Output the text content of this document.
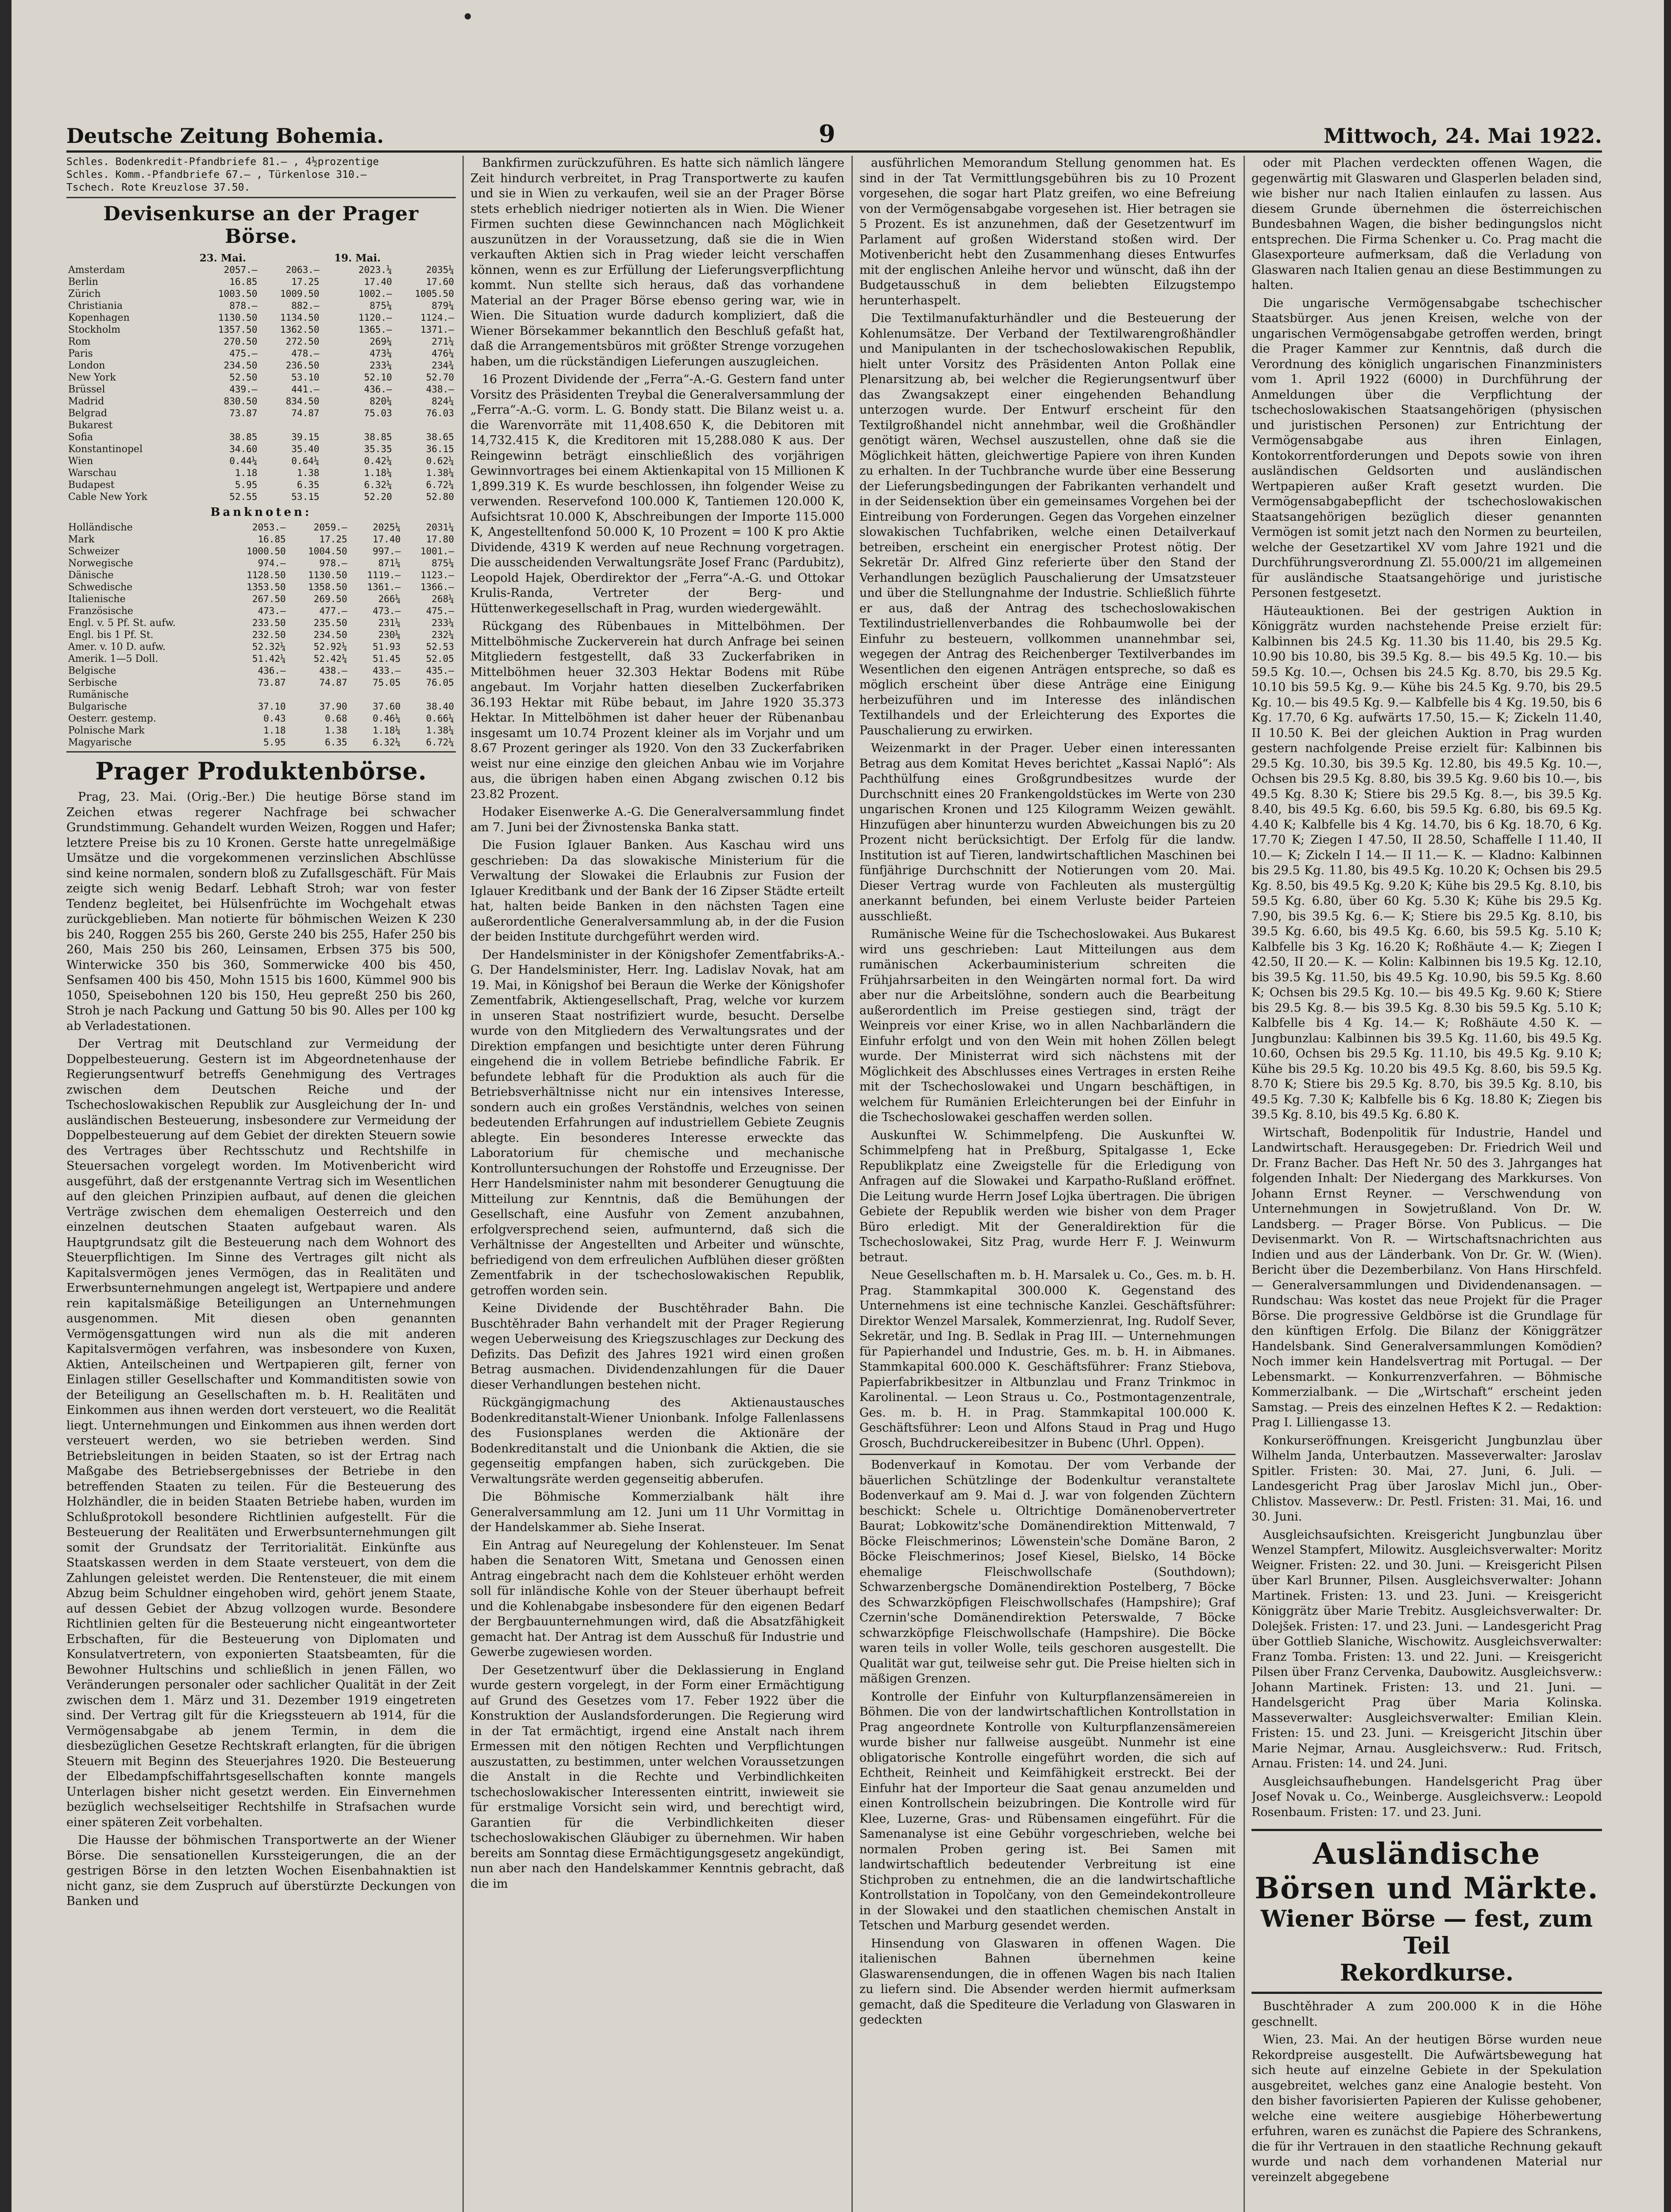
Deutsche Zeitung Bohemia.	9	Mittwoch, 24. Mai 1922.
Schles. Bodenkredit-Pfandbriefe 81.— , 4½prozentige
Schles. Komm.-Pfandbriefe 67.— , Türkenlose 310.—
Tschech. Rote Kreuzlose 37.50.
Devisenkurse an der Prager Börse.
	23. Mai.		19. Mai.	
Amsterdam	2057.—	2063.—	2023.¼	2035¼
Berlin	16.85	17.25	17.40	17.60
Zürich	1003.50	1009.50	1002.—	1005.50
Christiania	878.—	882.—	875¼	879¼
Kopenhagen	1130.50	1134.50	1120.—	1124.—
Stockholm	1357.50	1362.50	1365.—	1371.—
Rom	270.50	272.50	269¼	271¼
Paris	475.—	478.—	473¼	476¼
London	234.50	236.50	233¼	234¾
New York	52.50	53.10	52.10	52.70
Brüssel	439.—	441.—	436.—	438.—
Madrid	830.50	834.50	820¼	824¼
Belgrad	73.87	74.87	75.03	76.03
Bukarest				
Sofia	38.85	39.15	38.85	38.65
Konstantinopel	34.60	35.40	35.35	36.15
Wien	0.44¼	0.64¼	0.42¼	0.62¼
Warschau	1.18	1.38	1.18¼	1.38¼
Budapest	5.95	6.35	6.32¼	6.72¼
Cable New York	52.55	53.15	52.20	52.80
Banknoten:
Holländische	2053.—	2059.—	2025¼	2031¼
Mark	16.85	17.25	17.40	17.80
Schweizer	1000.50	1004.50	997.—	1001.—
Norwegische	974.—	978.—	871¼	875¼
Dänische	1128.50	1130.50	1119.—	1123.—
Schwedische	1353.50	1358.50	1361.—	1366.—
Italienische	267.50	269.50	266¼	268¼
Französische	473.—	477.—	473.—	475.—
Engl. v. 5 Pf. St. aufw.	233.50	235.50	231¼	233¼
Engl. bis 1 Pf. St.	232.50	234.50	230¼	232¼
Amer. v. 10 D. aufw.	52.32¼	52.92¼	51.93	52.53
Amerik. 1—5 Doll.	51.42¼	52.42¼	51.45	52.05
Belgische	436.—	438.—	433.—	435.—
Serbische	73.87	74.87	75.05	76.05
Rumänische				
Bulgarische	37.10	37.90	37.60	38.40
Oesterr. gestemp.	0.43	0.68	0.46¼	0.66¼
Polnische Mark	1.18	1.38	1.18¼	1.38¼
Magyarische	5.95	6.35	6.32¼	6.72¼
Prager Produktenbörse.

Prag, 23. Mai. (Orig.-Ber.) Die heutige Börse stand im Zeichen etwas regerer Nachfrage bei schwacher Grundstimmung. Gehandelt wurden Weizen, Roggen und Hafer; letztere Preise bis zu 10 Kronen. Gerste hatte unregelmäßige Umsätze und die vorgekommenen verzinslichen Abschlüsse sind keine normalen, sondern bloß zu Zufallsgeschäft. Für Mais zeigte sich wenig Bedarf. Lebhaft Stroh; war von fester Tendenz begleitet, bei Hülsenfrüchte im Wochgehalt etwas zurückgeblieben. Man notierte für böhmischen Weizen K 230 bis 240, Roggen 255 bis 260, Gerste 240 bis 255, Hafer 250 bis 260, Mais 250 bis 260, Leinsamen, Erbsen 375 bis 500, Winterwicke 350 bis 360, Sommerwicke 400 bis 450, Senfsamen 400 bis 450, Mohn 1515 bis 1600, Kümmel 900 bis 1050, Speisebohnen 120 bis 150, Heu gepreßt 250 bis 260, Stroh je nach Packung und Gattung 50 bis 90. Alles per 100 kg ab Verladestationen.

Der Vertrag mit Deutschland zur Vermeidung der Doppelbesteuerung. Gestern ist im Abgeordnetenhause der Regierungsentwurf betreffs Genehmigung des Vertrages zwischen dem Deutschen Reiche und der Tschechoslowakischen Republik zur Ausgleichung der In- und ausländischen Besteuerung, insbesondere zur Vermeidung der Doppelbesteuerung auf dem Gebiet der direkten Steuern sowie des Vertrages über Rechtsschutz und Rechtshilfe in Steuersachen vorgelegt worden. Im Motivenbericht wird ausgeführt, daß der erstgenannte Vertrag sich im Wesentlichen auf den gleichen Prinzipien aufbaut, auf denen die gleichen Verträge zwischen dem ehemaligen Oesterreich und den einzelnen deutschen Staaten aufgebaut waren. Als Hauptgrundsatz gilt die Besteuerung nach dem Wohnort des Steuerpflichtigen. Im Sinne des Vertrages gilt nicht als Kapitalsvermögen jenes Vermögen, das in Realitäten und Erwerbsunternehmungen angelegt ist, Wertpapiere und andere rein kapitalsmäßige Beteiligungen an Unternehmungen ausgenommen. Mit diesen oben genannten Vermögensgattungen wird nun als die mit anderen Kapitalsvermögen verfahren, was insbesondere von Kuxen, Aktien, Anteilscheinen und Wertpapieren gilt, ferner von Einlagen stiller Gesellschafter und Kommanditisten sowie von der Beteiligung an Gesellschaften m. b. H. Realitäten und Einkommen aus ihnen werden dort versteuert, wo die Realität liegt. Unternehmungen und Einkommen aus ihnen werden dort versteuert werden, wo sie betrieben werden. Sind Betriebsleitungen in beiden Staaten, so ist der Ertrag nach Maßgabe des Betriebsergebnisses der Betriebe in den betreffenden Staaten zu teilen. Für die Besteuerung des Holzhändler, die in beiden Staaten Betriebe haben, wurden im Schlußprotokoll besondere Richtlinien aufgestellt. Für die Besteuerung der Realitäten und Erwerbsunternehmungen gilt somit der Grundsatz der Territorialität. Einkünfte aus Staatskassen werden in dem Staate versteuert, von dem die Zahlungen geleistet werden. Die Rentensteuer, die mit einem Abzug beim Schuldner eingehoben wird, gehört jenem Staate, auf dessen Gebiet der Abzug vollzogen wurde. Besondere Richtlinien gelten für die Besteuerung nicht eingeantworteter Erbschaften, für die Besteuerung von Diplomaten und Konsulatvertretern, von exponierten Staatsbeamten, für die Bewohner Hultschins und schließlich in jenen Fällen, wo Veränderungen personaler oder sachlicher Qualität in der Zeit zwischen dem 1. März und 31. Dezember 1919 eingetreten sind. Der Vertrag gilt für die Kriegssteuern ab 1914, für die Vermögensabgabe ab jenem Termin, in dem die diesbezüglichen Gesetze Rechtskraft erlangten, für die übrigen Steuern mit Beginn des Steuerjahres 1920. Die Besteuerung der Elbedampfschiffahrtsgesellschaften konnte mangels Unterlagen bisher nicht gesetzt werden. Ein Einvernehmen bezüglich wechselseitiger Rechtshilfe in Strafsachen wurde einer späteren Zeit vorbehalten.

Die Hausse der böhmischen Transportwerte an der Wiener Börse. Die sensationellen Kurssteigerungen, die an der gestrigen Börse in den letzten Wochen Eisenbahnaktien ist nicht ganz, sie dem Zuspruch auf überstürzte Deckungen von Banken und

Bankfirmen zurückzuführen. Es hatte sich nämlich längere Zeit hindurch verbreitet, in Prag Transportwerte zu kaufen und sie in Wien zu verkaufen, weil sie an der Prager Börse stets erheblich niedriger notierten als in Wien. Die Wiener Firmen suchten diese Gewinnchancen nach Möglichkeit auszunützen in der Voraussetzung, daß sie die in Wien verkauften Aktien sich in Prag wieder leicht verschaffen können, wenn es zur Erfüllung der Lieferungsverpflichtung kommt. Nun stellte sich heraus, daß das vorhandene Material an der Prager Börse ebenso gering war, wie in Wien. Die Situation wurde dadurch kompliziert, daß die Wiener Börsekammer bekanntlich den Beschluß gefaßt hat, daß die Arrangementsbüros mit größter Strenge vorzugehen haben, um die rückständigen Lieferungen auszugleichen.

16 Prozent Dividende der „Ferra“-A.-G. Gestern fand unter Vorsitz des Präsidenten Treybal die Generalversammlung der „Ferra“-A.-G. vorm. L. G. Bondy statt. Die Bilanz weist u. a. die Warenvorräte mit 11,408.650 K, die Debitoren mit 14,732.415 K, die Kreditoren mit 15,288.080 K aus. Der Reingewinn beträgt einschließlich des vorjährigen Gewinnvortrages bei einem Aktienkapital von 15 Millionen K 1,899.319 K. Es wurde beschlossen, ihn folgender Weise zu verwenden. Reservefond 100.000 K, Tantiemen 120.000 K, Aufsichtsrat 10.000 K, Abschreibungen der Importe 115.000 K, Angestelltenfond 50.000 K, 10 Prozent = 100 K pro Aktie Dividende, 4319 K werden auf neue Rechnung vorgetragen. Die ausscheidenden Verwaltungsräte Josef Franc (Pardubitz), Leopold Hajek, Oberdirektor der „Ferra“-A.-G. und Ottokar Krulis-Randa, Vertreter der Berg- und Hüttenwerkegesellschaft in Prag, wurden wiedergewählt.

Rückgang des Rübenbaues in Mittelböhmen. Der Mittelböhmische Zuckerverein hat durch Anfrage bei seinen Mitgliedern festgestellt, daß 33 Zuckerfabriken in Mittelböhmen heuer 32.303 Hektar Bodens mit Rübe angebaut. Im Vorjahr hatten dieselben Zuckerfabriken 36.193 Hektar mit Rübe bebaut, im Jahre 1920 35.373 Hektar. In Mittelböhmen ist daher heuer der Rübenanbau insgesamt um 10.74 Prozent kleiner als im Vorjahr und um 8.67 Prozent geringer als 1920. Von den 33 Zuckerfabriken weist nur eine einzige den gleichen Anbau wie im Vorjahre aus, die übrigen haben einen Abgang zwischen 0.12 bis 23.82 Prozent.

Hodaker Eisenwerke A.-G. Die Generalversammlung findet am 7. Juni bei der Živnostenska Banka statt.

Die Fusion Iglauer Banken. Aus Kaschau wird uns geschrieben: Da das slowakische Ministerium für die Verwaltung der Slowakei die Erlaubnis zur Fusion der Iglauer Kreditbank und der Bank der 16 Zipser Städte erteilt hat, halten beide Banken in den nächsten Tagen eine außerordentliche Generalversammlung ab, in der die Fusion der beiden Institute durchgeführt werden wird.

Der Handelsminister in der Königshofer Zementfabriks-A.-G. Der Handelsminister, Herr. Ing. Ladislav Novak, hat am 19. Mai, in Königshof bei Beraun die Werke der Königshofer Zementfabrik, Aktiengesellschaft, Prag, welche vor kurzem in unseren Staat nostrifiziert wurde, besucht. Derselbe wurde von den Mitgliedern des Verwaltungsrates und der Direktion empfangen und besichtigte unter deren Führung eingehend die in vollem Betriebe befindliche Fabrik. Er befundete lebhaft für die Produktion als auch für die Betriebsverhältnisse nicht nur ein intensives Interesse, sondern auch ein großes Verständnis, welches von seinen bedeutenden Erfahrungen auf industriellem Gebiete Zeugnis ablegte. Ein besonderes Interesse erweckte das Laboratorium für chemische und mechanische Kontrolluntersuchungen der Rohstoffe und Erzeugnisse. Der Herr Handelsminister nahm mit besonderer Genugtuung die Mitteilung zur Kenntnis, daß die Bemühungen der Gesellschaft, eine Ausfuhr von Zement anzubahnen, erfolgversprechend seien, aufmunternd, daß sich die Verhältnisse der Angestellten und Arbeiter und wünschte, befriedigend von dem erfreulichen Aufblühen dieser größten Zementfabrik in der tschechoslowakischen Republik, getroffen worden sein.

Keine Dividende der Buschtěhrader Bahn. Die Buschtěhrader Bahn verhandelt mit der Prager Regierung wegen Ueberweisung des Kriegszuschlages zur Deckung des Defizits. Das Defizit des Jahres 1921 wird einen großen Betrag ausmachen. Dividendenzahlungen für die Dauer dieser Verhandlungen bestehen nicht.

Rückgängigmachung des Aktienaustausches Bodenkreditanstalt-Wiener Unionbank. Infolge Fallenlassens des Fusionsplanes werden die Aktionäre der Bodenkreditanstalt und die Unionbank die Aktien, die sie gegenseitig empfangen haben, sich zurückgeben. Die Verwaltungsräte werden gegenseitig abberufen.

Die Böhmische Kommerzialbank hält ihre Generalversammlung am 12. Juni um 11 Uhr Vormittag in der Handelskammer ab. Siehe Inserat.

Ein Antrag auf Neuregelung der Kohlensteuer. Im Senat haben die Senatoren Witt, Smetana und Genossen einen Antrag eingebracht nach dem die Kohlsteuer erhöht werden soll für inländische Kohle von der Steuer überhaupt befreit und die Kohlenabgabe insbesondere für den eigenen Bedarf der Bergbauunternehmungen wird, daß die Absatzfähigkeit gemacht hat. Der Antrag ist dem Ausschuß für Industrie und Gewerbe zugewiesen worden.

Der Gesetzentwurf über die Deklassierung in England wurde gestern vorgelegt, in der Form einer Ermächtigung auf Grund des Gesetzes vom 17. Feber 1922 über die Konstruktion der Auslandsforderungen. Die Regierung wird in der Tat ermächtigt, irgend eine Anstalt nach ihrem Ermessen mit den nötigen Rechten und Verpflichtungen auszustatten, zu bestimmen, unter welchen Voraussetzungen die Anstalt in die Rechte und Verbindlichkeiten tschechoslowakischer Interessenten eintritt, inwieweit sie für erstmalige Vorsicht sein wird, und berechtigt wird, Garantien für die Verbindlichkeiten dieser tschechoslowakischen Gläubiger zu übernehmen. Wir haben bereits am Sonntag diese Ermächtigungsgesetz angekündigt, nun aber nach den Handelskammer Kenntnis gebracht, daß die im

ausführlichen Memorandum Stellung genommen hat. Es sind in der Tat Vermittlungsgebühren bis zu 10 Prozent vorgesehen, die sogar hart Platz greifen, wo eine Befreiung von der Vermögensabgabe vorgesehen ist. Hier betragen sie 5 Prozent. Es ist anzunehmen, daß der Gesetzentwurf im Parlament auf großen Widerstand stoßen wird. Der Motivenbericht hebt den Zusammenhang dieses Entwurfes mit der englischen Anleihe hervor und wünscht, daß ihn der Budgetausschuß in dem beliebten Eilzugstempo herunterhaspelt.

Die Textilmanufakturhändler und die Besteuerung der Kohlenumsätze. Der Verband der Textilwarengroßhändler und Manipulanten in der tschechoslowakischen Republik, hielt unter Vorsitz des Präsidenten Anton Pollak eine Plenarsitzung ab, bei welcher die Regierungsentwurf über das Zwangsakzept einer eingehenden Behandlung unterzogen wurde. Der Entwurf erscheint für den Textilgroßhandel nicht annehmbar, weil die Großhändler genötigt wären, Wechsel auszustellen, ohne daß sie die Möglichkeit hätten, gleichwertige Papiere von ihren Kunden zu erhalten. In der Tuchbranche wurde über eine Besserung der Lieferungsbedingungen der Fabrikanten verhandelt und in der Seidensektion über ein gemeinsames Vorgehen bei der Eintreibung von Forderungen. Gegen das Vorgehen einzelner slowakischen Tuchfabriken, welche einen Detailverkauf betreiben, erscheint ein energischer Protest nötig. Der Sekretär Dr. Alfred Ginz referierte über den Stand der Verhandlungen bezüglich Pauschalierung der Umsatzsteuer und über die Stellungnahme der Industrie. Schließlich führte er aus, daß der Antrag des tschechoslowakischen Textilindustriellenverbandes die Rohbaumwolle bei der Einfuhr zu besteuern, vollkommen unannehmbar sei, wegegen der Antrag des Reichenberger Textilverbandes im Wesentlichen den eigenen Anträgen entspreche, so daß es möglich erscheint über diese Anträge eine Einigung herbeizuführen und im Interesse des inländischen Textilhandels und der Erleichterung des Exportes die Pauschalierung zu erwirken.

Weizenmarkt in der Prager. Ueber einen interessanten Betrag aus dem Komitat Heves berichtet „Kassai Napló“: Als Pachthülfung eines Großgrundbesitzes wurde der Durchschnitt eines 20 Frankengoldstückes im Werte von 230 ungarischen Kronen und 125 Kilogramm Weizen gewählt. Hinzufügen aber hinunterzu wurden Abweichungen bis zu 20 Prozent nicht berücksichtigt. Der Erfolg für die landw. Institution ist auf Tieren, landwirtschaftlichen Maschinen bei fünfjährige Durchschnitt der Notierungen vom 20. Mai. Dieser Vertrag wurde von Fachleuten als mustergültig anerkannt befunden, bei einem Verluste beider Parteien ausschließt.

Rumänische Weine für die Tschechoslowakei. Aus Bukarest wird uns geschrieben: Laut Mitteilungen aus dem rumänischen Ackerbauministerium schreiten die Frühjahrsarbeiten in den Weingärten normal fort. Da wird aber nur die Arbeitslöhne, sondern auch die Bearbeitung außerordentlich im Preise gestiegen sind, trägt der Weinpreis vor einer Krise, wo in allen Nachbarländern die Einfuhr erfolgt und von den Wein mit hohen Zöllen belegt wurde. Der Ministerrat wird sich nächstens mit der Möglichkeit des Abschlusses eines Vertrages in ersten Reihe mit der Tschechoslowakei und Ungarn beschäftigen, in welchem für Rumänien Erleichterungen bei der Einfuhr in die Tschechoslowakei geschaffen werden sollen.

Auskunftei W. Schimmelpfeng. Die Auskunftei W. Schimmelpfeng hat in Preßburg, Spitalgasse 1, Ecke Republikplatz eine Zweigstelle für die Erledigung von Anfragen auf die Slowakei und Karpatho-Rußland eröffnet. Die Leitung wurde Herrn Josef Lojka übertragen. Die übrigen Gebiete der Republik werden wie bisher von dem Prager Büro erledigt. Mit der Generaldirektion für die Tschechoslowakei, Sitz Prag, wurde Herr F. J. Weinwurm betraut.

Neue Gesellschaften m. b. H. Marsalek u. Co., Ges. m. b. H. Prag. Stammkapital 300.000 K. Gegenstand des Unternehmens ist eine technische Kanzlei. Geschäftsführer: Direktor Wenzel Marsalek, Kommerzienrat, Ing. Rudolf Sever, Sekretär, und Ing. B. Sedlak in Prag III. — Unternehmungen für Papierhandel und Industrie, Ges. m. b. H. in Aibmanes. Stammkapital 600.000 K. Geschäftsführer: Franz Stiebova, Papierfabrikbesitzer in Altbunzlau und Franz Trinkmoc in Karolinental. — Leon Straus u. Co., Postmontagenzentrale, Ges. m. b. H. in Prag. Stammkapital 100.000 K. Geschäftsführer: Leon und Alfons Staud in Prag und Hugo Grosch, Buchdruckereibesitzer in Bubenc (Uhrl. Oppen).

Bodenverkauf in Komotau. Der vom Verbande der bäuerlichen Schützlinge der Bodenkultur veranstaltete Bodenverkauf am 9. Mai d. J. war von folgenden Züchtern beschickt: Schele u. Oltrichtige Domänenobervertreter Baurat; Lobkowitz'sche Domänendirektion Mittenwald, 7 Böcke Fleischmerinos; Löwenstein'sche Domäne Baron, 2 Böcke Fleischmerinos; Josef Kiesel, Bielsko, 14 Böcke ehemalige Fleischwollschafe (Southdown); Schwarzenbergsche Domänendirektion Postelberg, 7 Böcke des Schwarzköpfigen Fleischwollschafes (Hampshire); Graf Czernin'sche Domänendirektion Peterswalde, 7 Böcke schwarzköpfige Fleischwollschafe (Hampshire). Die Böcke waren teils in voller Wolle, teils geschoren ausgestellt. Die Qualität war gut, teilweise sehr gut. Die Preise hielten sich in mäßigen Grenzen.

Kontrolle der Einfuhr von Kulturpflanzensämereien in Böhmen. Die von der landwirtschaftlichen Kontrollstation in Prag angeordnete Kontrolle von Kulturpflanzensämereien wurde bisher nur fallweise ausgeübt. Nunmehr ist eine obligatorische Kontrolle eingeführt worden, die sich auf Echtheit, Reinheit und Keimfähigkeit erstreckt. Bei der Einfuhr hat der Importeur die Saat genau anzumelden und einen Kontrollschein beizubringen. Die Kontrolle wird für Klee, Luzerne, Gras- und Rübensamen eingeführt. Für die Samenanalyse ist eine Gebühr vorgeschrieben, welche bei normalen Proben gering ist. Bei Samen mit landwirtschaftlich bedeutender Verbreitung ist eine Stichproben zu entnehmen, die an die landwirtschaftliche Kontrollstation in Topolčany, von den Gemeindekontrolleure in der Slowakei und den staatlichen chemischen Anstalt in Tetschen und Marburg gesendet werden.

Hinsendung von Glaswaren in offenen Wagen. Die italienischen Bahnen übernehmen keine Glaswarensendungen, die in offenen Wagen bis nach Italien zu liefern sind. Die Absender werden hiermit aufmerksam gemacht, daß die Spediteure die Verladung von Glaswaren in gedeckten

oder mit Plachen verdeckten offenen Wagen, die gegenwärtig mit Glaswaren und Glasperlen beladen sind, wie bisher nur nach Italien einlaufen zu lassen. Aus diesem Grunde übernehmen die österreichischen Bundesbahnen Wagen, die bisher bedingungslos nicht entsprechen. Die Firma Schenker u. Co. Prag macht die Glasexporteure aufmerksam, daß die Verladung von Glaswaren nach Italien genau an diese Bestimmungen zu halten.

Die ungarische Vermögensabgabe tschechischer Staatsbürger. Aus jenen Kreisen, welche von der ungarischen Vermögensabgabe getroffen werden, bringt die Prager Kammer zur Kenntnis, daß durch die Verordnung des königlich ungarischen Finanzministers vom 1. April 1922 (6000) in Durchführung der Anmeldungen über die Verpflichtung der tschechoslowakischen Staatsangehörigen (physischen und juristischen Personen) zur Entrichtung der Vermögensabgabe aus ihren Einlagen, Kontokorrentforderungen und Depots sowie von ihren ausländischen Geldsorten und ausländischen Wertpapieren außer Kraft gesetzt wurden. Die Vermögensabgabepflicht der tschechoslowakischen Staatsangehörigen bezüglich dieser genannten Vermögen ist somit jetzt nach den Normen zu beurteilen, welche der Gesetzartikel XV vom Jahre 1921 und die Durchführungsverordnung Zl. 55.000/21 im allgemeinen für ausländische Staatsangehörige und juristische Personen festgesetzt.

Häuteauktionen. Bei der gestrigen Auktion in Königgrätz wurden nachstehende Preise erzielt für: Kalbinnen bis 24.5 Kg. 11.30 bis 11.40, bis 29.5 Kg. 10.90 bis 10.80, bis 39.5 Kg. 8.— bis 49.5 Kg. 10.— bis 59.5 Kg. 10.—, Ochsen bis 24.5 Kg. 8.70, bis 29.5 Kg. 10.10 bis 59.5 Kg. 9.— Kühe bis 24.5 Kg. 9.70, bis 29.5 Kg. 10.— bis 49.5 Kg. 9.— Kalbfelle bis 4 Kg. 19.50, bis 6 Kg. 17.70, 6 Kg. aufwärts 17.50, 15.— K; Zickeln 11.40, II 10.50 K. Bei der gleichen Auktion in Prag wurden gestern nachfolgende Preise erzielt für: Kalbinnen bis 29.5 Kg. 10.30, bis 39.5 Kg. 12.80, bis 49.5 Kg. 10.—, Ochsen bis 29.5 Kg. 8.80, bis 39.5 Kg. 9.60 bis 10.—, bis 49.5 Kg. 8.30 K; Stiere bis 29.5 Kg. 8.—, bis 39.5 Kg. 8.40, bis 49.5 Kg. 6.60, bis 59.5 Kg. 6.80, bis 69.5 Kg. 4.40 K; Kalbfelle bis 4 Kg. 14.70, bis 6 Kg. 18.70, 6 Kg. 17.70 K; Ziegen I 47.50, II 28.50, Schaffelle I 11.40, II 10.— K; Zickeln I 14.— II 11.— K. — Kladno: Kalbinnen bis 29.5 Kg. 11.80, bis 49.5 Kg. 10.20 K; Ochsen bis 29.5 Kg. 8.50, bis 49.5 Kg. 9.20 K; Kühe bis 29.5 Kg. 8.10, bis 59.5 Kg. 6.80, über 60 Kg. 5.30 K; Kühe bis 29.5 Kg. 7.90, bis 39.5 Kg. 6.— K; Stiere bis 29.5 Kg. 8.10, bis 39.5 Kg. 6.60, bis 49.5 Kg. 6.60, bis 59.5 Kg. 5.10 K; Kalbfelle bis 3 Kg. 16.20 K; Roßhäute 4.— K; Ziegen I 42.50, II 20.— K. — Kolin: Kalbinnen bis 19.5 Kg. 12.10, bis 39.5 Kg. 11.50, bis 49.5 Kg. 10.90, bis 59.5 Kg. 8.60 K; Ochsen bis 29.5 Kg. 10.— bis 49.5 Kg. 9.60 K; Stiere bis 29.5 Kg. 8.— bis 39.5 Kg. 8.30 bis 59.5 Kg. 5.10 K; Kalbfelle bis 4 Kg. 14.— K; Roßhäute 4.50 K. — Jungbunzlau: Kalbinnen bis 39.5 Kg. 11.60, bis 49.5 Kg. 10.60, Ochsen bis 29.5 Kg. 11.10, bis 49.5 Kg. 9.10 K; Kühe bis 29.5 Kg. 10.20 bis 49.5 Kg. 8.60, bis 59.5 Kg. 8.70 K; Stiere bis 29.5 Kg. 8.70, bis 39.5 Kg. 8.10, bis 49.5 Kg. 7.30 K; Kalbfelle bis 6 Kg. 18.80 K; Ziegen bis 39.5 Kg. 8.10, bis 49.5 Kg. 6.80 K.

Wirtschaft, Bodenpolitik für Industrie, Handel und Landwirtschaft. Herausgegeben: Dr. Friedrich Weil und Dr. Franz Bacher. Das Heft Nr. 50 des 3. Jahrganges hat folgenden Inhalt: Der Niedergang des Markkurses. Von Johann Ernst Reyner. — Verschwendung von Unternehmungen in Sowjetrußland. Von Dr. W. Landsberg. — Prager Börse. Von Publicus. — Die Devisenmarkt. Von R. — Wirtschaftsnachrichten aus Indien und aus der Länderbank. Von Dr. Gr. W. (Wien). Bericht über die Dezemberbilanz. Von Hans Hirschfeld. — Generalversammlungen und Dividendenansagen. — Rundschau: Was kostet das neue Projekt für die Prager Börse. Die progressive Geldbörse ist die Grundlage für den künftigen Erfolg. Die Bilanz der Königgrätzer Handelsbank. Sind Generalversammlungen Komödien? Noch immer kein Handelsvertrag mit Portugal. — Der Lebensmarkt. — Konkurrenzverfahren. — Böhmische Kommerzialbank. — Die „Wirtschaft“ erscheint jeden Samstag. — Preis des einzelnen Heftes K 2. — Redaktion: Prag I. Lilliengasse 13.

Konkurseröffnungen. Kreisgericht Jungbunzlau über Wilhelm Janda, Unterbautzen. Masseverwalter: Jaroslav Spitler. Fristen: 30. Mai, 27. Juni, 6. Juli. — Landesgericht Prag über Jaroslav Michl jun., Ober-Chlistov. Masseverw.: Dr. Pestl. Fristen: 31. Mai, 16. und 30. Juni.

Ausgleichsaufsichten. Kreisgericht Jungbunzlau über Wenzel Stampfert, Milowitz. Ausgleichsverwalter: Moritz Weigner. Fristen: 22. und 30. Juni. — Kreisgericht Pilsen über Karl Brunner, Pilsen. Ausgleichsverwalter: Johann Martinek. Fristen: 13. und 23. Juni. — Kreisgericht Königgrätz über Marie Trebitz. Ausgleichsverwalter: Dr. Dolejšek. Fristen: 17. und 23. Juni. — Landesgericht Prag über Gottlieb Slaniche, Wischowitz. Ausgleichsverwalter: Franz Tomba. Fristen: 13. und 22. Juni. — Kreisgericht Pilsen über Franz Cervenka, Daubowitz. Ausgleichsverw.: Johann Martinek. Fristen: 13. und 21. Juni. — Handelsgericht Prag über Maria Kolinska. Masseverwalter: Ausgleichsverwalter: Emilian Klein. Fristen: 15. und 23. Juni. — Kreisgericht Jitschin über Marie Nejmar, Arnau. Ausgleichsverw.: Rud. Fritsch, Arnau. Fristen: 14. und 24. Juni.

Ausgleichsaufhebungen. Handelsgericht Prag über Josef Novak u. Co., Weinberge. Ausgleichsverw.: Leopold Rosenbaum. Fristen: 17. und 23. Juni.

Ausländische Börsen und Märkte.
Wiener Börse — fest, zum Teil
Rekordkurse.

Buschtěhrader A zum 200.000 K in die Höhe geschnellt.

Wien, 23. Mai. An der heutigen Börse wurden neue Rekordpreise ausgestellt. Die Aufwärtsbewegung hat sich heute auf einzelne Gebiete in der Spekulation ausgebreitet, welches ganz eine Analogie besteht. Von den bisher favorisierten Papieren der Kulisse gehobener, welche eine weitere ausgiebige Höherbewertung erfuhren, waren es zunächst die Papiere des Schrankens, die für ihr Vertrauen in den staatliche Rechnung gekauft wurde und nach dem vorhandenen Material nur vereinzelt abgegebene
